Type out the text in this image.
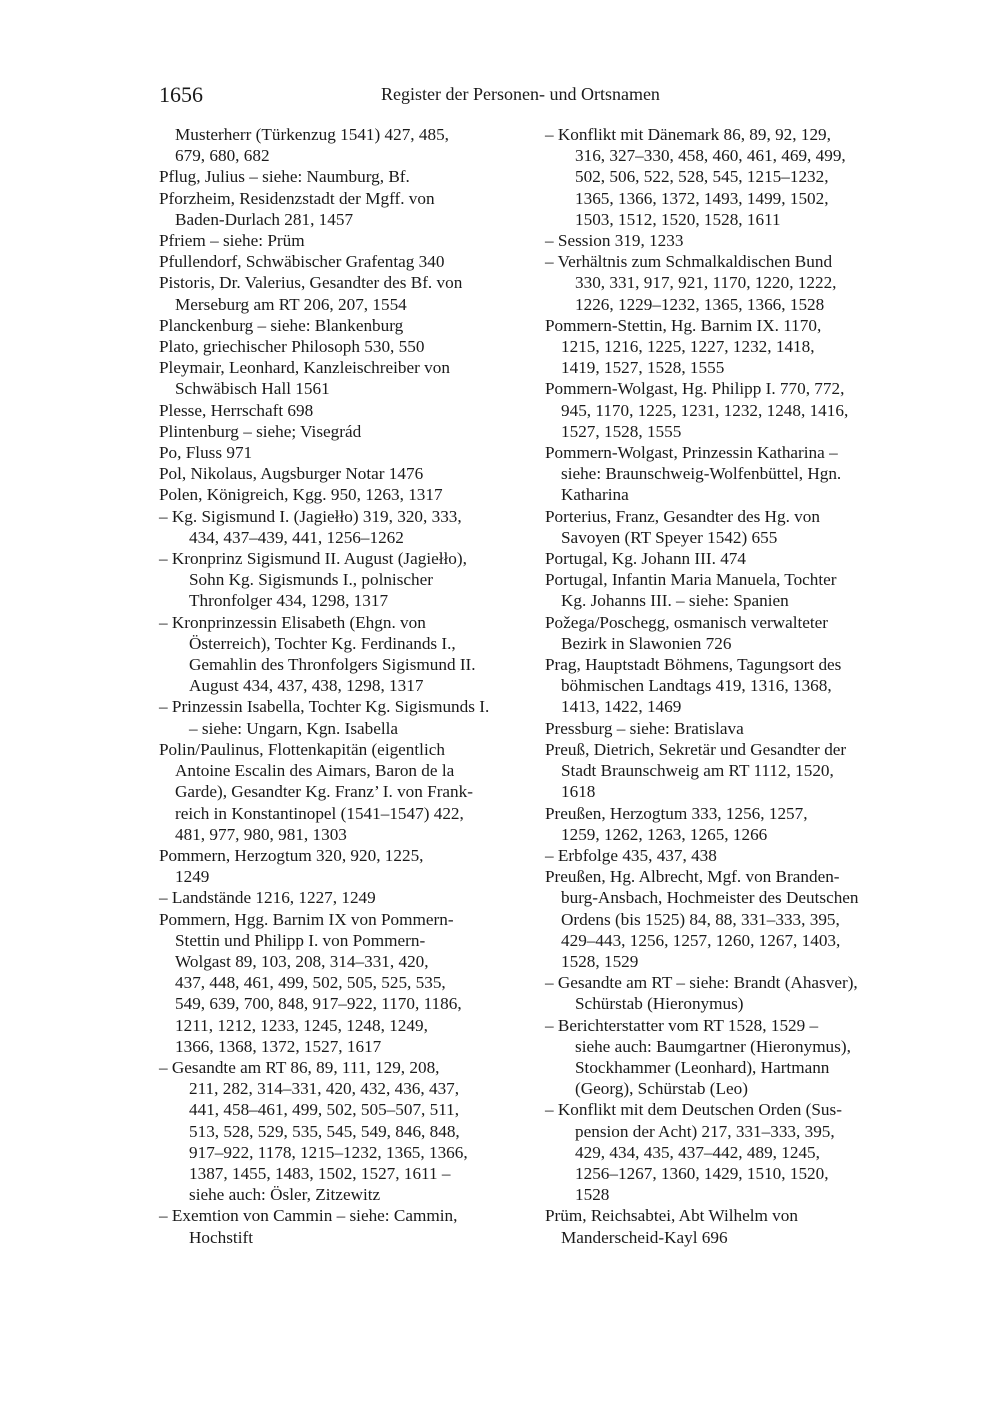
1656	Register der Personen- und Ortsnamen
Musterherr (Türkenzug 1541) 427, 485,
679, 680, 682
Pflug, Julius – siehe: Naumburg, Bf.
Pforzheim, Residenzstadt der Mgff. von
Baden-Durlach 281, 1457
Pfriem – siehe: Prüm
Pfullendorf, Schwäbischer Grafentag 340
Pistoris, Dr. Valerius, Gesandter des Bf. von
Merseburg am RT 206, 207, 1554
Planckenburg – siehe: Blankenburg
Plato, griechischer Philosoph 530, 550
Pleymair, Leonhard, Kanzleischreiber von
Schwäbisch Hall 1561
Plesse, Herrschaft 698
Plintenburg – siehe; Visegrád
Po, Fluss 971
Pol, Nikolaus, Augsburger Notar 1476
Polen, Königreich, Kgg. 950, 1263, 1317
– Kg. Sigismund I. (Jagiełło) 319, 320, 333,
434, 437–439, 441, 1256–1262
– Kronprinz Sigismund II. August (Jagiełło),
Sohn Kg. Sigismunds I., polnischer
Thronfolger 434, 1298, 1317
– Kronprinzessin Elisabeth (Ehgn. von
Österreich), Tochter Kg. Ferdinands I.,
Gemahlin des Thronfolgers Sigismund II.
August 434, 437, 438, 1298, 1317
– Prinzessin Isabella, Tochter Kg. Sigismunds I.
– siehe: Ungarn, Kgn. Isabella
Polin/Paulinus, Flottenkapitän (eigentlich
Antoine Escalin des Aimars, Baron de la
Garde), Gesandter Kg. Franz’ I. von Frank-
reich in Konstantinopel (1541–1547) 422,
481, 977, 980, 981, 1303
Pommern, Herzogtum 320, 920, 1225,
1249
– Landstände 1216, 1227, 1249
Pommern, Hgg. Barnim IX von Pommern-
Stettin und Philipp I. von Pommern-
Wolgast 89, 103, 208, 314–331, 420,
437, 448, 461, 499, 502, 505, 525, 535,
549, 639, 700, 848, 917–922, 1170, 1186,
1211, 1212, 1233, 1245, 1248, 1249,
1366, 1368, 1372, 1527, 1617
– Gesandte am RT 86, 89, 111, 129, 208,
211, 282, 314–331, 420, 432, 436, 437,
441, 458–461, 499, 502, 505–507, 511,
513, 528, 529, 535, 545, 549, 846, 848,
917–922, 1178, 1215–1232, 1365, 1366,
1387, 1455, 1483, 1502, 1527, 1611 –
siehe auch: Ösler, Zitzewitz
– Exemtion von Cammin – siehe: Cammin,
Hochstift
– Konflikt mit Dänemark 86, 89, 92, 129,
316, 327–330, 458, 460, 461, 469, 499,
502, 506, 522, 528, 545, 1215–1232,
1365, 1366, 1372, 1493, 1499, 1502,
1503, 1512, 1520, 1528, 1611
– Session 319, 1233
– Verhältnis zum Schmalkaldischen Bund
330, 331, 917, 921, 1170, 1220, 1222,
1226, 1229–1232, 1365, 1366, 1528
Pommern-Stettin, Hg. Barnim IX. 1170,
1215, 1216, 1225, 1227, 1232, 1418,
1419, 1527, 1528, 1555
Pommern-Wolgast, Hg. Philipp I. 770, 772,
945, 1170, 1225, 1231, 1232, 1248, 1416,
1527, 1528, 1555
Pommern-Wolgast, Prinzessin Katharina –
siehe: Braunschweig-Wolfenbüttel, Hgn.
Katharina
Porterius, Franz, Gesandter des Hg. von
Savoyen (RT Speyer 1542) 655
Portugal, Kg. Johann III. 474
Portugal, Infantin Maria Manuela, Tochter
Kg. Johanns III. – siehe: Spanien
Požega/Poschegg, osmanisch verwalteter
Bezirk in Slawonien 726
Prag, Hauptstadt Böhmens, Tagungsort des
böhmischen Landtags 419, 1316, 1368,
1413, 1422, 1469
Pressburg – siehe: Bratislava
Preuß, Dietrich, Sekretär und Gesandter der
Stadt Braunschweig am RT 1112, 1520,
1618
Preußen, Herzogtum 333, 1256, 1257,
1259, 1262, 1263, 1265, 1266
– Erbfolge 435, 437, 438
Preußen, Hg. Albrecht, Mgf. von Branden-
burg-Ansbach, Hochmeister des Deutschen
Ordens (bis 1525) 84, 88, 331–333, 395,
429–443, 1256, 1257, 1260, 1267, 1403,
1528, 1529
– Gesandte am RT – siehe: Brandt (Ahasver),
Schürstab (Hieronymus)
– Berichterstatter vom RT 1528, 1529 –
siehe auch: Baumgartner (Hieronymus),
Stockhammer (Leonhard), Hartmann
(Georg), Schürstab (Leo)
– Konflikt mit dem Deutschen Orden (Sus-
pension der Acht) 217, 331–333, 395,
429, 434, 435, 437–442, 489, 1245,
1256–1267, 1360, 1429, 1510, 1520,
1528
Prüm, Reichsabtei, Abt Wilhelm von
Manderscheid-Kayl 696
